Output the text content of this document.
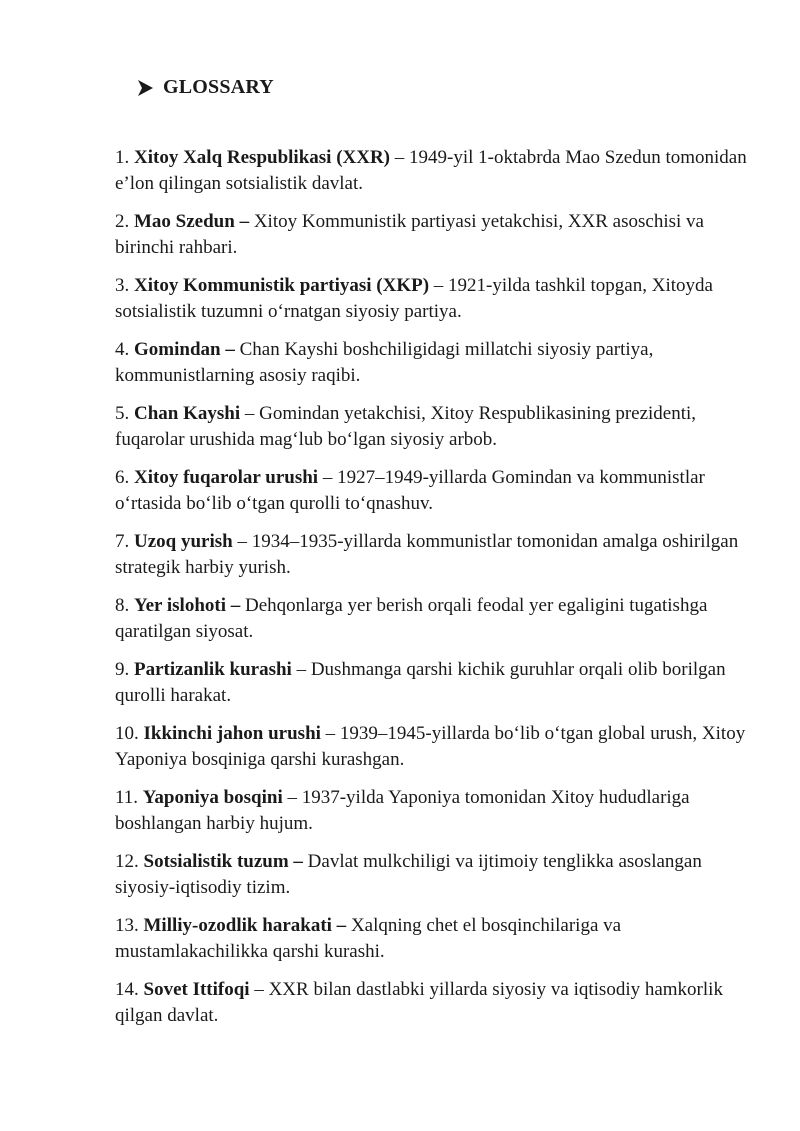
GLOSSARY

1. Xitoy Xalq Respublikasi (XXR) – 1949-yil 1-oktabrda Mao Szedun tomonidan e’lon qilingan sotsialistik davlat.

2. Mao Szedun – Xitoy Kommunistik partiyasi yetakchisi, XXR asoschisi va birinchi rahbari.

3. Xitoy Kommunistik partiyasi (XKP) – 1921-yilda tashkil topgan, Xitoyda sotsialistik tuzumni oʻrnatgan siyosiy partiya.

4. Gomindan – Chan Kayshi boshchiligidagi millatchi siyosiy partiya, kommunistlarning asosiy raqibi.

5. Chan Kayshi – Gomindan yetakchisi, Xitoy Respublikasining prezidenti, fuqarolar urushida magʻlub boʻlgan siyosiy arbob.

6. Xitoy fuqarolar urushi – 1927–1949-yillarda Gomindan va kommunistlar oʻrtasida boʻlib oʻtgan qurolli toʻqnashuv.

7. Uzoq yurish – 1934–1935-yillarda kommunistlar tomonidan amalga oshirilgan strategik harbiy yurish.

8. Yer islohoti – Dehqonlarga yer berish orqali feodal yer egaligini tugatishga qaratilgan siyosat.

9. Partizanlik kurashi – Dushmanga qarshi kichik guruhlar orqali olib borilgan qurolli harakat.

10. Ikkinchi jahon urushi – 1939–1945-yillarda boʻlib oʻtgan global urush, Xitoy Yaponiya bosqiniga qarshi kurashgan.

11. Yaponiya bosqini – 1937-yilda Yaponiya tomonidan Xitoy hududlariga boshlangan harbiy hujum.

12. Sotsialistik tuzum – Davlat mulkchiligi va ijtimoiy tenglikka asoslangan siyosiy-iqtisodiy tizim.

13. Milliy-ozodlik harakati – Xalqning chet el bosqinchilariga va mustamlakachilikka qarshi kurashi.

14. Sovet Ittifoqi – XXR bilan dastlabki yillarda siyosiy va iqtisodiy hamkorlik qilgan davlat.
